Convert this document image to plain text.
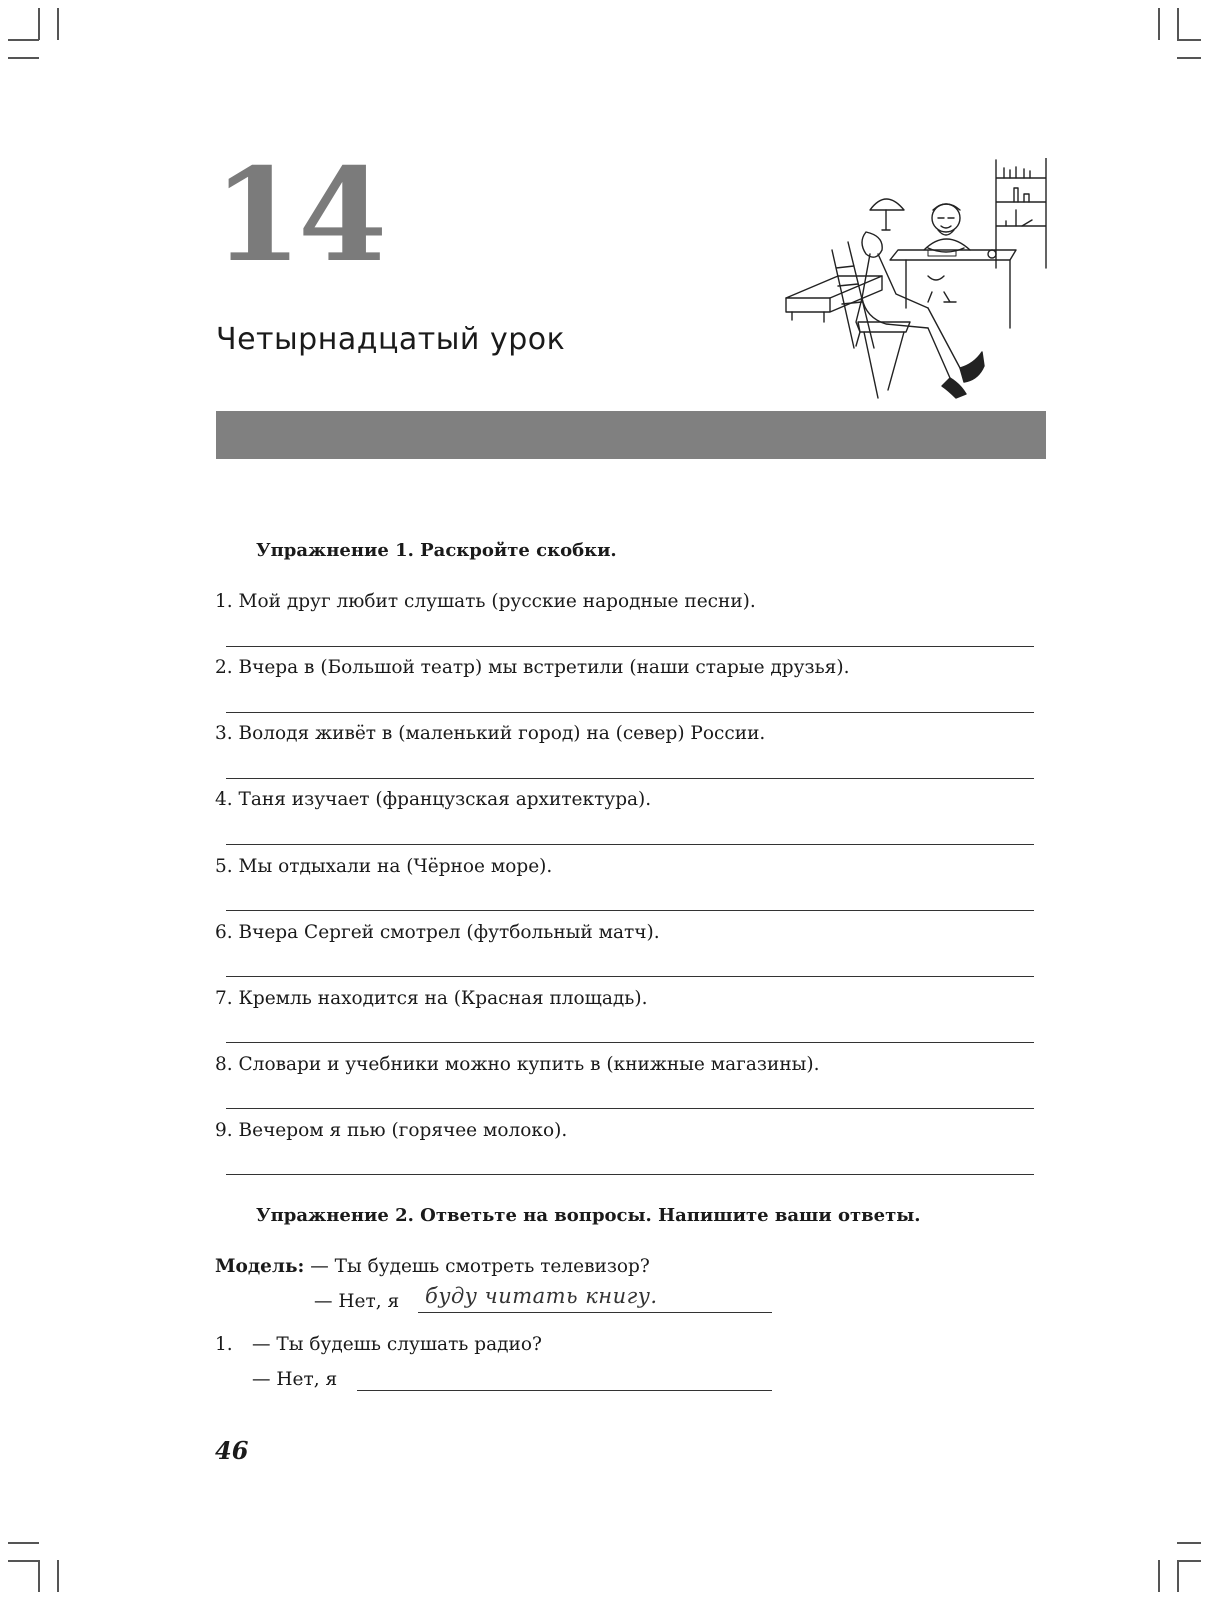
14
Четырнадцатый урок
Упражнение 1. Раскройте скобки.
1. Мой друг любит слушать (русские народные песни).
2. Вчера в (Большой театр) мы встретили (наши старые друзья).
3. Володя живёт в (маленький город) на (север) России.
4. Таня изучает (французская архитектура).
5. Мы отдыхали на (Чёрное море).
6. Вчера Сергей смотрел (футбольный матч).
7. Кремль находится на (Красная площадь).
8. Словари и учебники можно купить в (книжные магазины).
9. Вечером я пью (горячее молоко).
Упражнение 2. Ответьте на вопросы. Напишите ваши ответы.
Модель: — Ты будешь смотреть телевизор?
— Нет, я буду читать книгу.
1. — Ты будешь слушать радио?
— Нет, я
46
